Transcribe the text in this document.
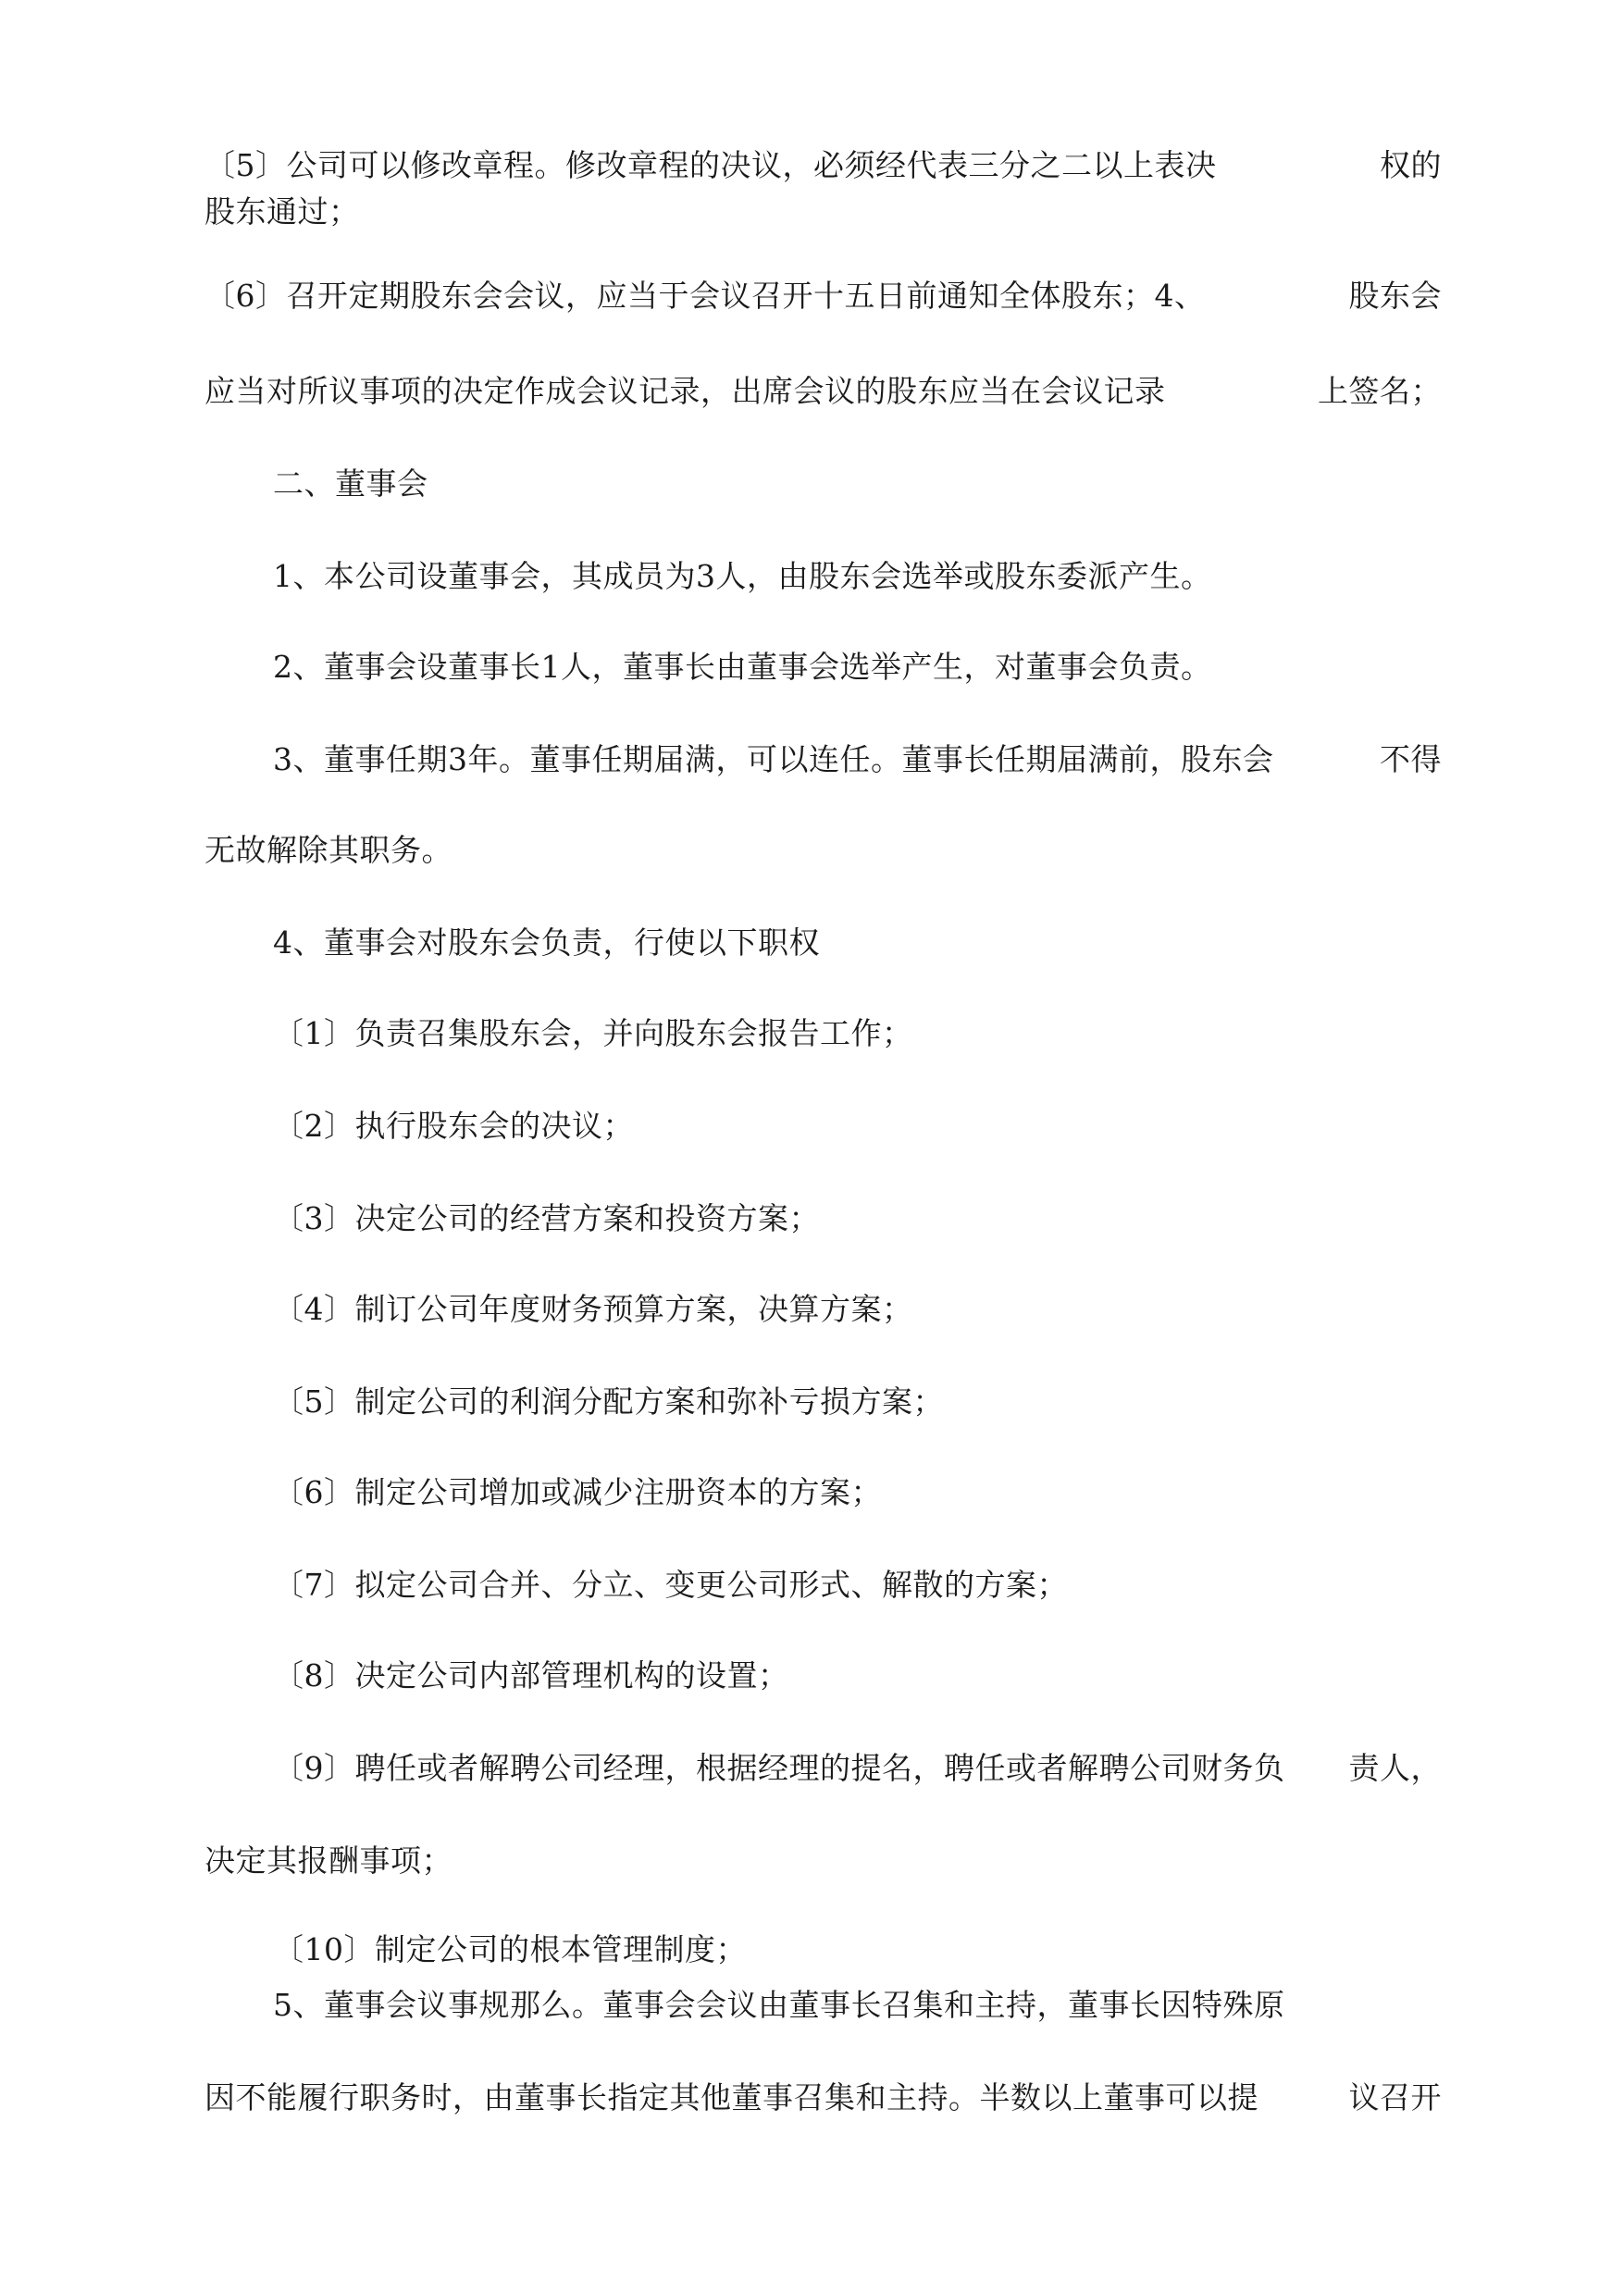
〔5〕公司可以修改章程。修改章程的决议，必须经代表三分之二以上表决	权的
股东通过；
〔6〕召开定期股东会会议，应当于会议召开十五日前通知全体股东；4、	股东会
应当对所议事项的决定作成会议记录，出席会议的股东应当在会议记录	上签名；
二、董事会
1、本公司设董事会，其成员为3人，由股东会选举或股东委派产生。
2、董事会设董事长1人，董事长由董事会选举产生，对董事会负责。
3、董事任期3年。董事任期届满，可以连任。董事长任期届满前，股东会	不得
无故解除其职务。
4、董事会对股东会负责，行使以下职权
〔1〕负责召集股东会，并向股东会报告工作；
〔2〕执行股东会的决议；
〔3〕决定公司的经营方案和投资方案；
〔4〕制订公司年度财务预算方案，决算方案；
〔5〕制定公司的利润分配方案和弥补亏损方案；
〔6〕制定公司增加或减少注册资本的方案；
〔7〕拟定公司合并、分立、变更公司形式、解散的方案；
〔8〕决定公司内部管理机构的设置；
〔9〕聘任或者解聘公司经理，根据经理的提名，聘任或者解聘公司财务负 责人，
决定其报酬事项；
〔10〕制定公司的根本管理制度；
5、董事会议事规那么。董事会会议由董事长召集和主持，董事长因特殊原
因不能履行职务时，由董事长指定其他董事召集和主持。半数以上董事可以提	议召开
